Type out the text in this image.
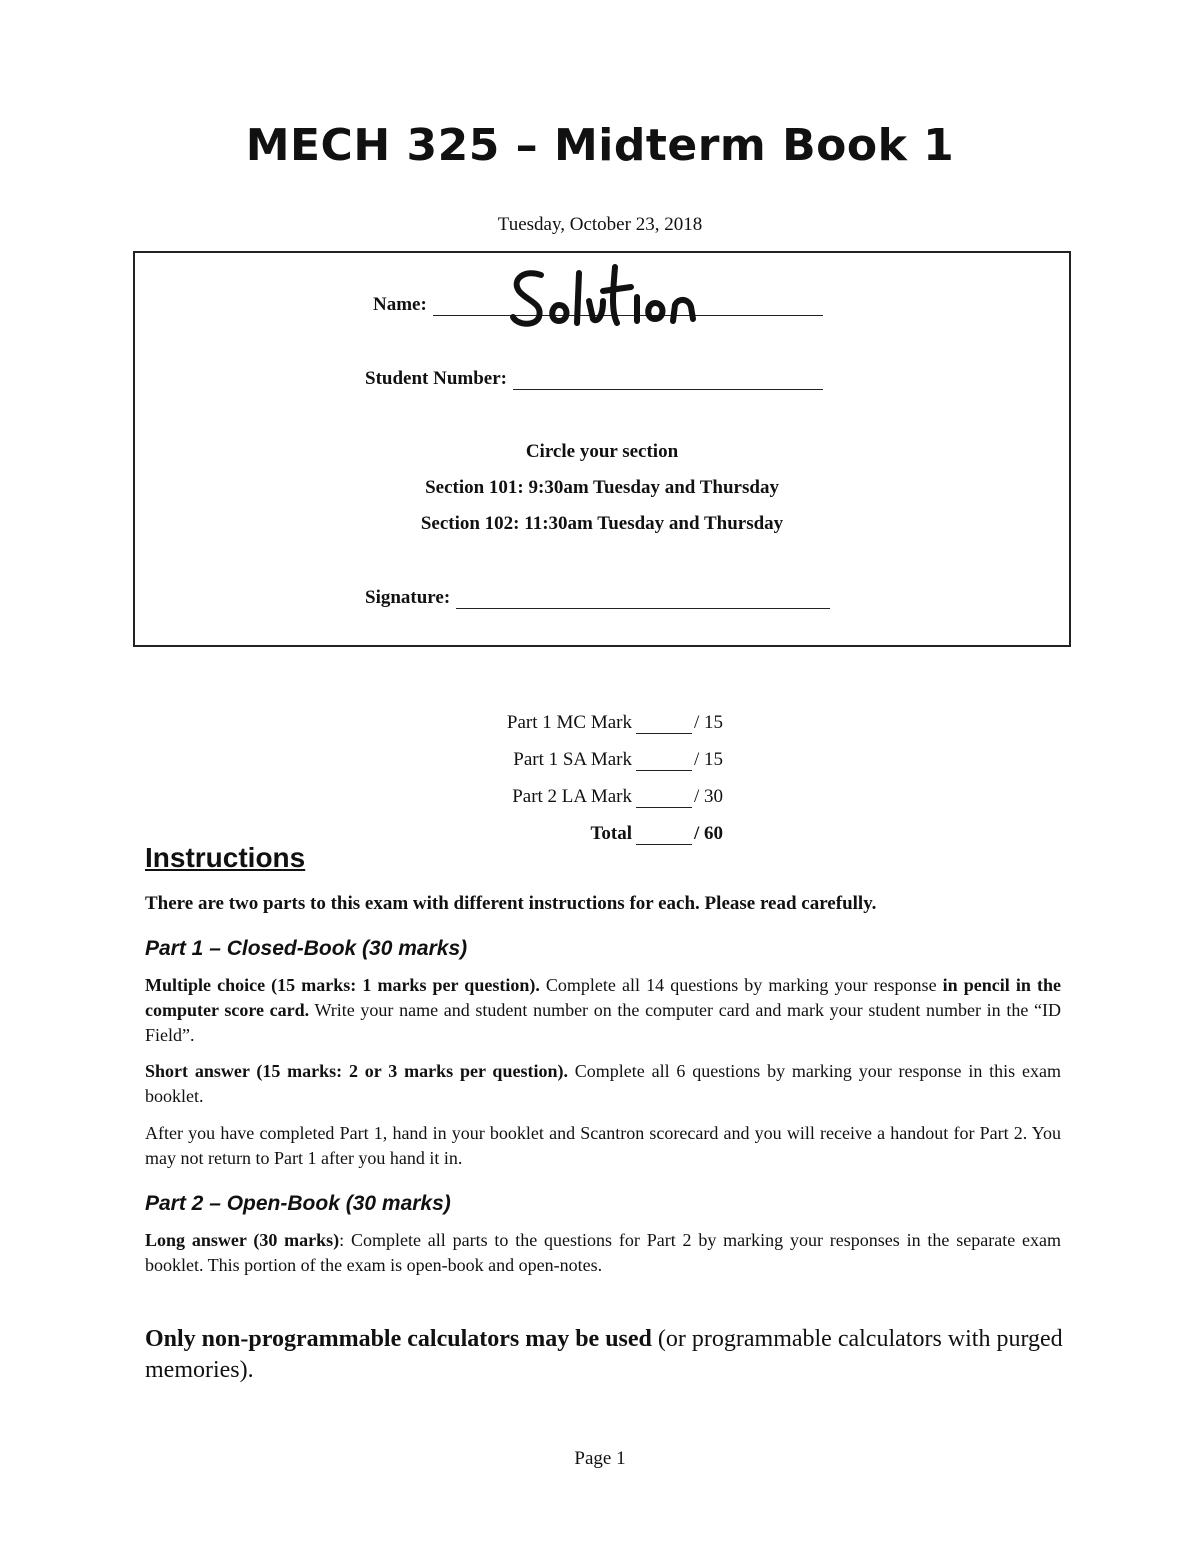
MECH 325 – Midterm Book 1
Tuesday, October 23, 2018
Name:
Student Number:
Circle your section
Section 101: 9:30am Tuesday and Thursday
Section 102: 11:30am Tuesday and Thursday
Signature:
Part 1 MC Mark	/ 15
Part 1 SA Mark	/ 15
Part 2 LA Mark	/ 30
Total	/ 60
Instructions
There are two parts to this exam with different instructions for each. Please read carefully.
Part 1 – Closed-Book (30 marks)
Multiple choice (15 marks: 1 marks per question). Complete all 14 questions by marking your response in pencil in the computer score card. Write your name and student number on the computer card and mark your student number in the “ID Field”.
Short answer (15 marks: 2 or 3 marks per question). Complete all 6 questions by marking your response in this exam booklet.
After you have completed Part 1, hand in your booklet and Scantron scorecard and you will receive a handout for Part 2. You may not return to Part 1 after you hand it in.
Part 2 – Open-Book (30 marks)
Long answer (30 marks): Complete all parts to the questions for Part 2 by marking your responses in the separate exam booklet. This portion of the exam is open-book and open-notes.
Only non-programmable calculators may be used (or programmable calculators with purged memories).
Page 1
